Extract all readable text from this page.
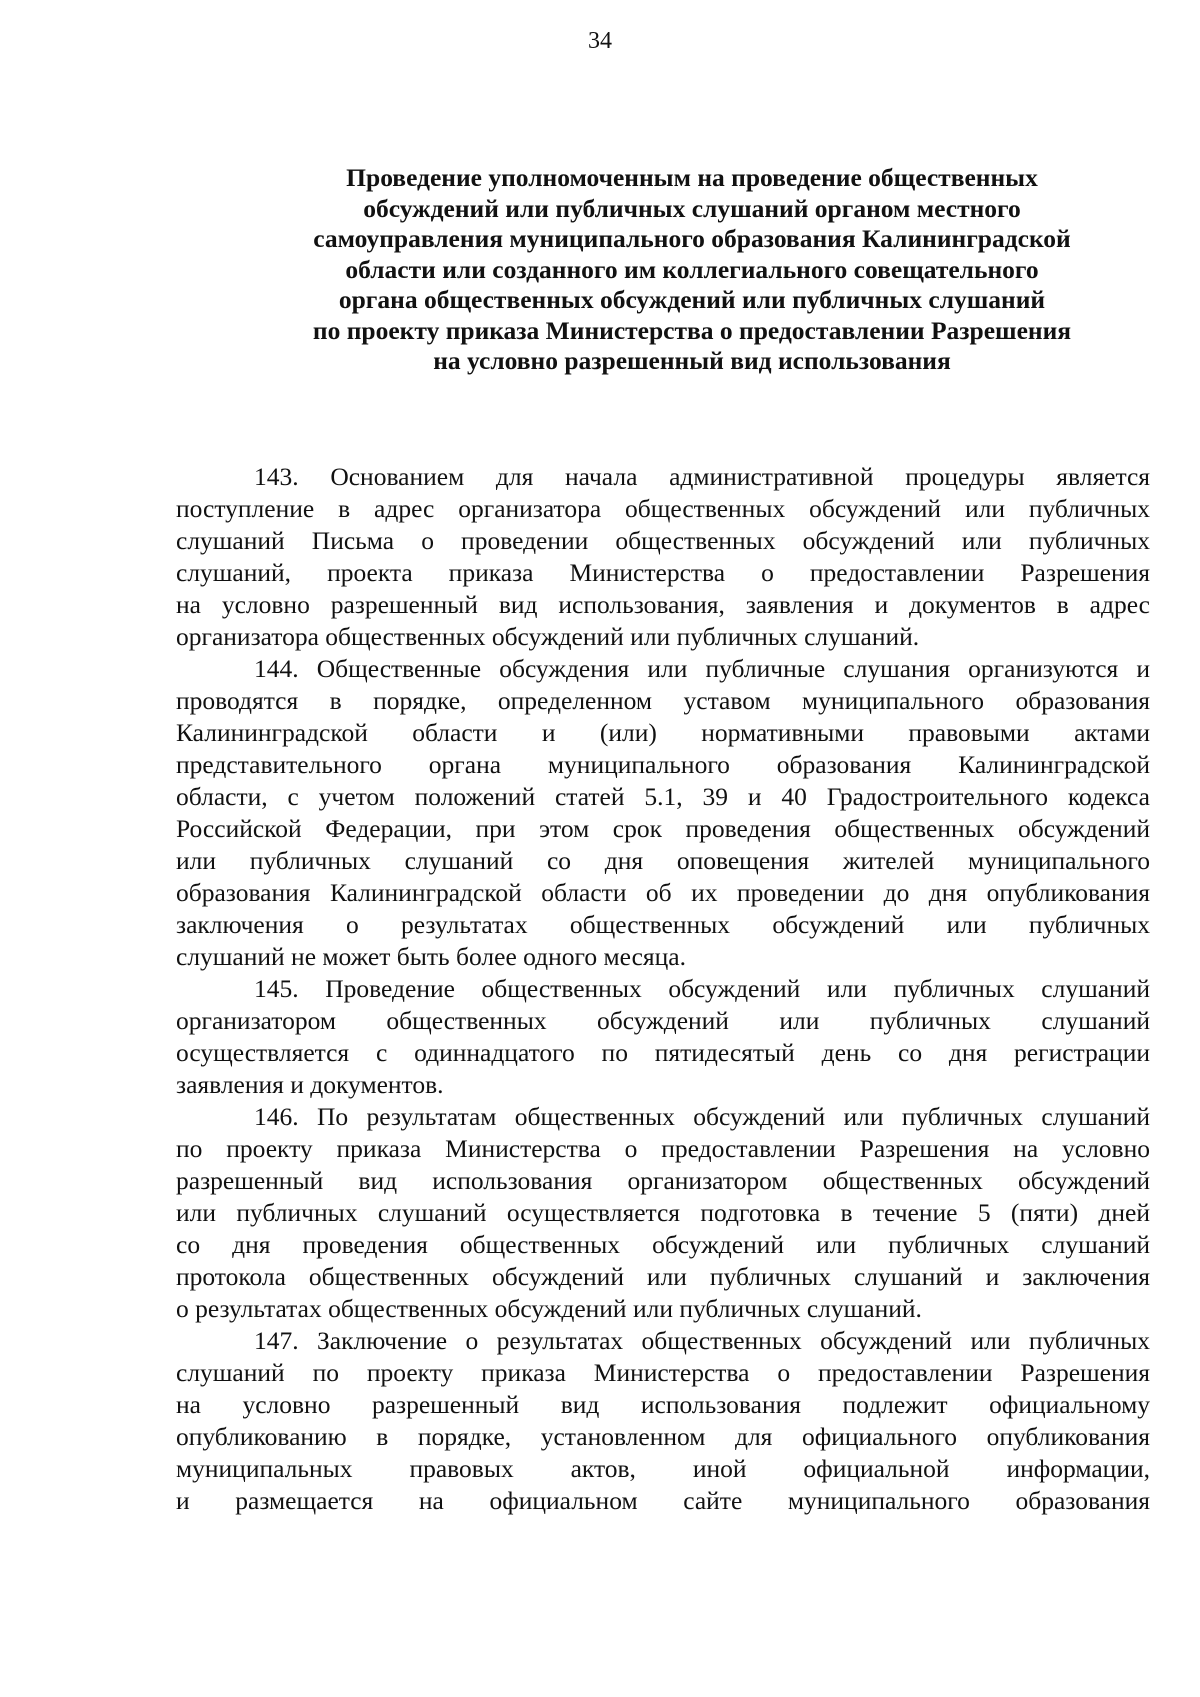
34
Проведение уполномоченным на проведение общественных
обсуждений или публичных слушаний органом местного
самоуправления муниципального образования Калининградской
области или созданного им коллегиального совещательного
органа общественных обсуждений или публичных слушаний
по проекту приказа Министерства о предоставлении Разрешения
на условно разрешенный вид использования
143. Основанием для начала административной процедуры является
поступление в адрес организатора общественных обсуждений или публичных
слушаний Письма о проведении общественных обсуждений или публичных
слушаний, проекта приказа Министерства о предоставлении Разрешения
на условно разрешенный вид использования, заявления и документов в адрес
организатора общественных обсуждений или публичных слушаний.
144. Общественные обсуждения или публичные слушания организуются и
проводятся в порядке, определенном уставом муниципального образования
Калининградской области и (или) нормативными правовыми актами
представительного органа муниципального образования Калининградской
области, с учетом положений статей 5.1, 39 и 40 Градостроительного кодекса
Российской Федерации, при этом срок проведения общественных обсуждений
или публичных слушаний со дня оповещения жителей муниципального
образования Калининградской области об их проведении до дня опубликования
заключения о результатах общественных обсуждений или публичных
слушаний не может быть более одного месяца.
145. Проведение общественных обсуждений или публичных слушаний
организатором общественных обсуждений или публичных слушаний
осуществляется с одиннадцатого по пятидесятый день со дня регистрации
заявления и документов.
146. По результатам общественных обсуждений или публичных слушаний
по проекту приказа Министерства о предоставлении Разрешения на условно
разрешенный вид использования организатором общественных обсуждений
или публичных слушаний осуществляется подготовка в течение 5 (пяти) дней
со дня проведения общественных обсуждений или публичных слушаний
протокола общественных обсуждений или публичных слушаний и заключения
о результатах общественных обсуждений или публичных слушаний.
147. Заключение о результатах общественных обсуждений или публичных
слушаний по проекту приказа Министерства о предоставлении Разрешения
на условно разрешенный вид использования подлежит официальному
опубликованию в порядке, установленном для официального опубликования
муниципальных правовых актов, иной официальной информации,
и размещается на официальном сайте муниципального образования
